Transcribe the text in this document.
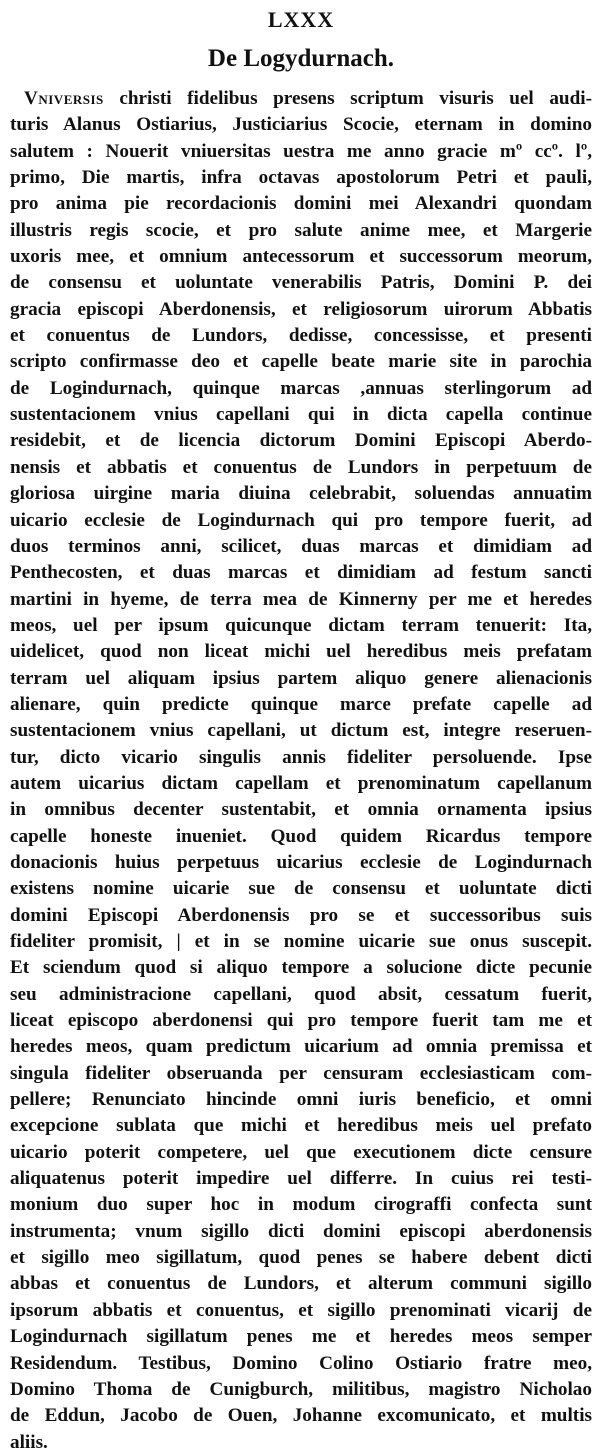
LXXX
De Logydurnach.
Vniversis christi fidelibus presens scriptum visuris uel audi-
turis Alanus Ostiarius, Justiciarius Scocie, eternam in domino
salutem : Nouerit vniuersitas uestra me anno gracie mº ccº. lº,
primo, Die martis, infra octavas apostolorum Petri et pauli,
pro anima pie recordacionis domini mei Alexandri quondam
illustris regis scocie, et pro salute anime mee, et Margerie
uxoris mee, et omnium antecessorum et successorum meorum,
de consensu et uoluntate venerabilis Patris, Domini P. dei
gracia episcopi Aberdonensis, et religiosorum uirorum Abbatis
et conuentus de Lundors, dedisse, concessisse, et presenti
scripto confirmasse deo et capelle beate marie site in parochia
de Logindurnach, quinque marcas ,annuas sterlingorum ad
sustentacionem vnius capellani qui in dicta capella continue
residebit, et de licencia dictorum Domini Episcopi Aberdo-
nensis et abbatis et conuentus de Lundors in perpetuum de
gloriosa uirgine maria diuina celebrabit, soluendas annuatim
uicario ecclesie de Logindurnach qui pro tempore fuerit, ad
duos terminos anni, scilicet, duas marcas et dimidiam ad
Penthecosten, et duas marcas et dimidiam ad festum sancti
martini in hyeme, de terra mea de Kinnerny per me et heredes
meos, uel per ipsum quicunque dictam terram tenuerit: Ita,
uidelicet, quod non liceat michi uel heredibus meis prefatam
terram uel aliquam ipsius partem aliquo genere alienacionis
alienare, quin predicte quinque marce prefate capelle ad
sustentacionem vnius capellani, ut dictum est, integre reseruen-
tur, dicto vicario singulis annis fideliter persoluende. Ipse
autem uicarius dictam capellam et prenominatum capellanum
in omnibus decenter sustentabit, et omnia ornamenta ipsius
capelle honeste inueniet. Quod quidem Ricardus tempore
donacionis huius perpetuus uicarius ecclesie de Logindurnach
existens nomine uicarie sue de consensu et uoluntate dicti
domini Episcopi Aberdonensis pro se et successoribus suis
fideliter promisit, | et in se nomine uicarie sue onus suscepit.
Et sciendum quod si aliquo tempore a solucione dicte pecunie
seu administracione capellani, quod absit, cessatum fuerit,
liceat episcopo aberdonensi qui pro tempore fuerit tam me et
heredes meos, quam predictum uicarium ad omnia premissa et
singula fideliter obseruanda per censuram ecclesiasticam com-
pellere; Renunciato hincinde omni iuris beneficio, et omni
excepcione sublata que michi et heredibus meis uel prefato
uicario poterit competere, uel que executionem dicte censure
aliquatenus poterit impedire uel differre. In cuius rei testi-
monium duo super hoc in modum cirograffi confecta sunt
instrumenta; vnum sigillo dicti domini episcopi aberdonensis
et sigillo meo sigillatum, quod penes se habere debent dicti
abbas et conuentus de Lundors, et alterum communi sigillo
ipsorum abbatis et conuentus, et sigillo prenominati vicarij de
Logindurnach sigillatum penes me et heredes meos semper
Residendum. Testibus, Domino Colino Ostiario fratre meo,
Domino Thoma de Cunigburch, militibus, magistro Nicholao
de Eddun, Jacobo de Ouen, Johanne excomunicato, et multis
aliis.
